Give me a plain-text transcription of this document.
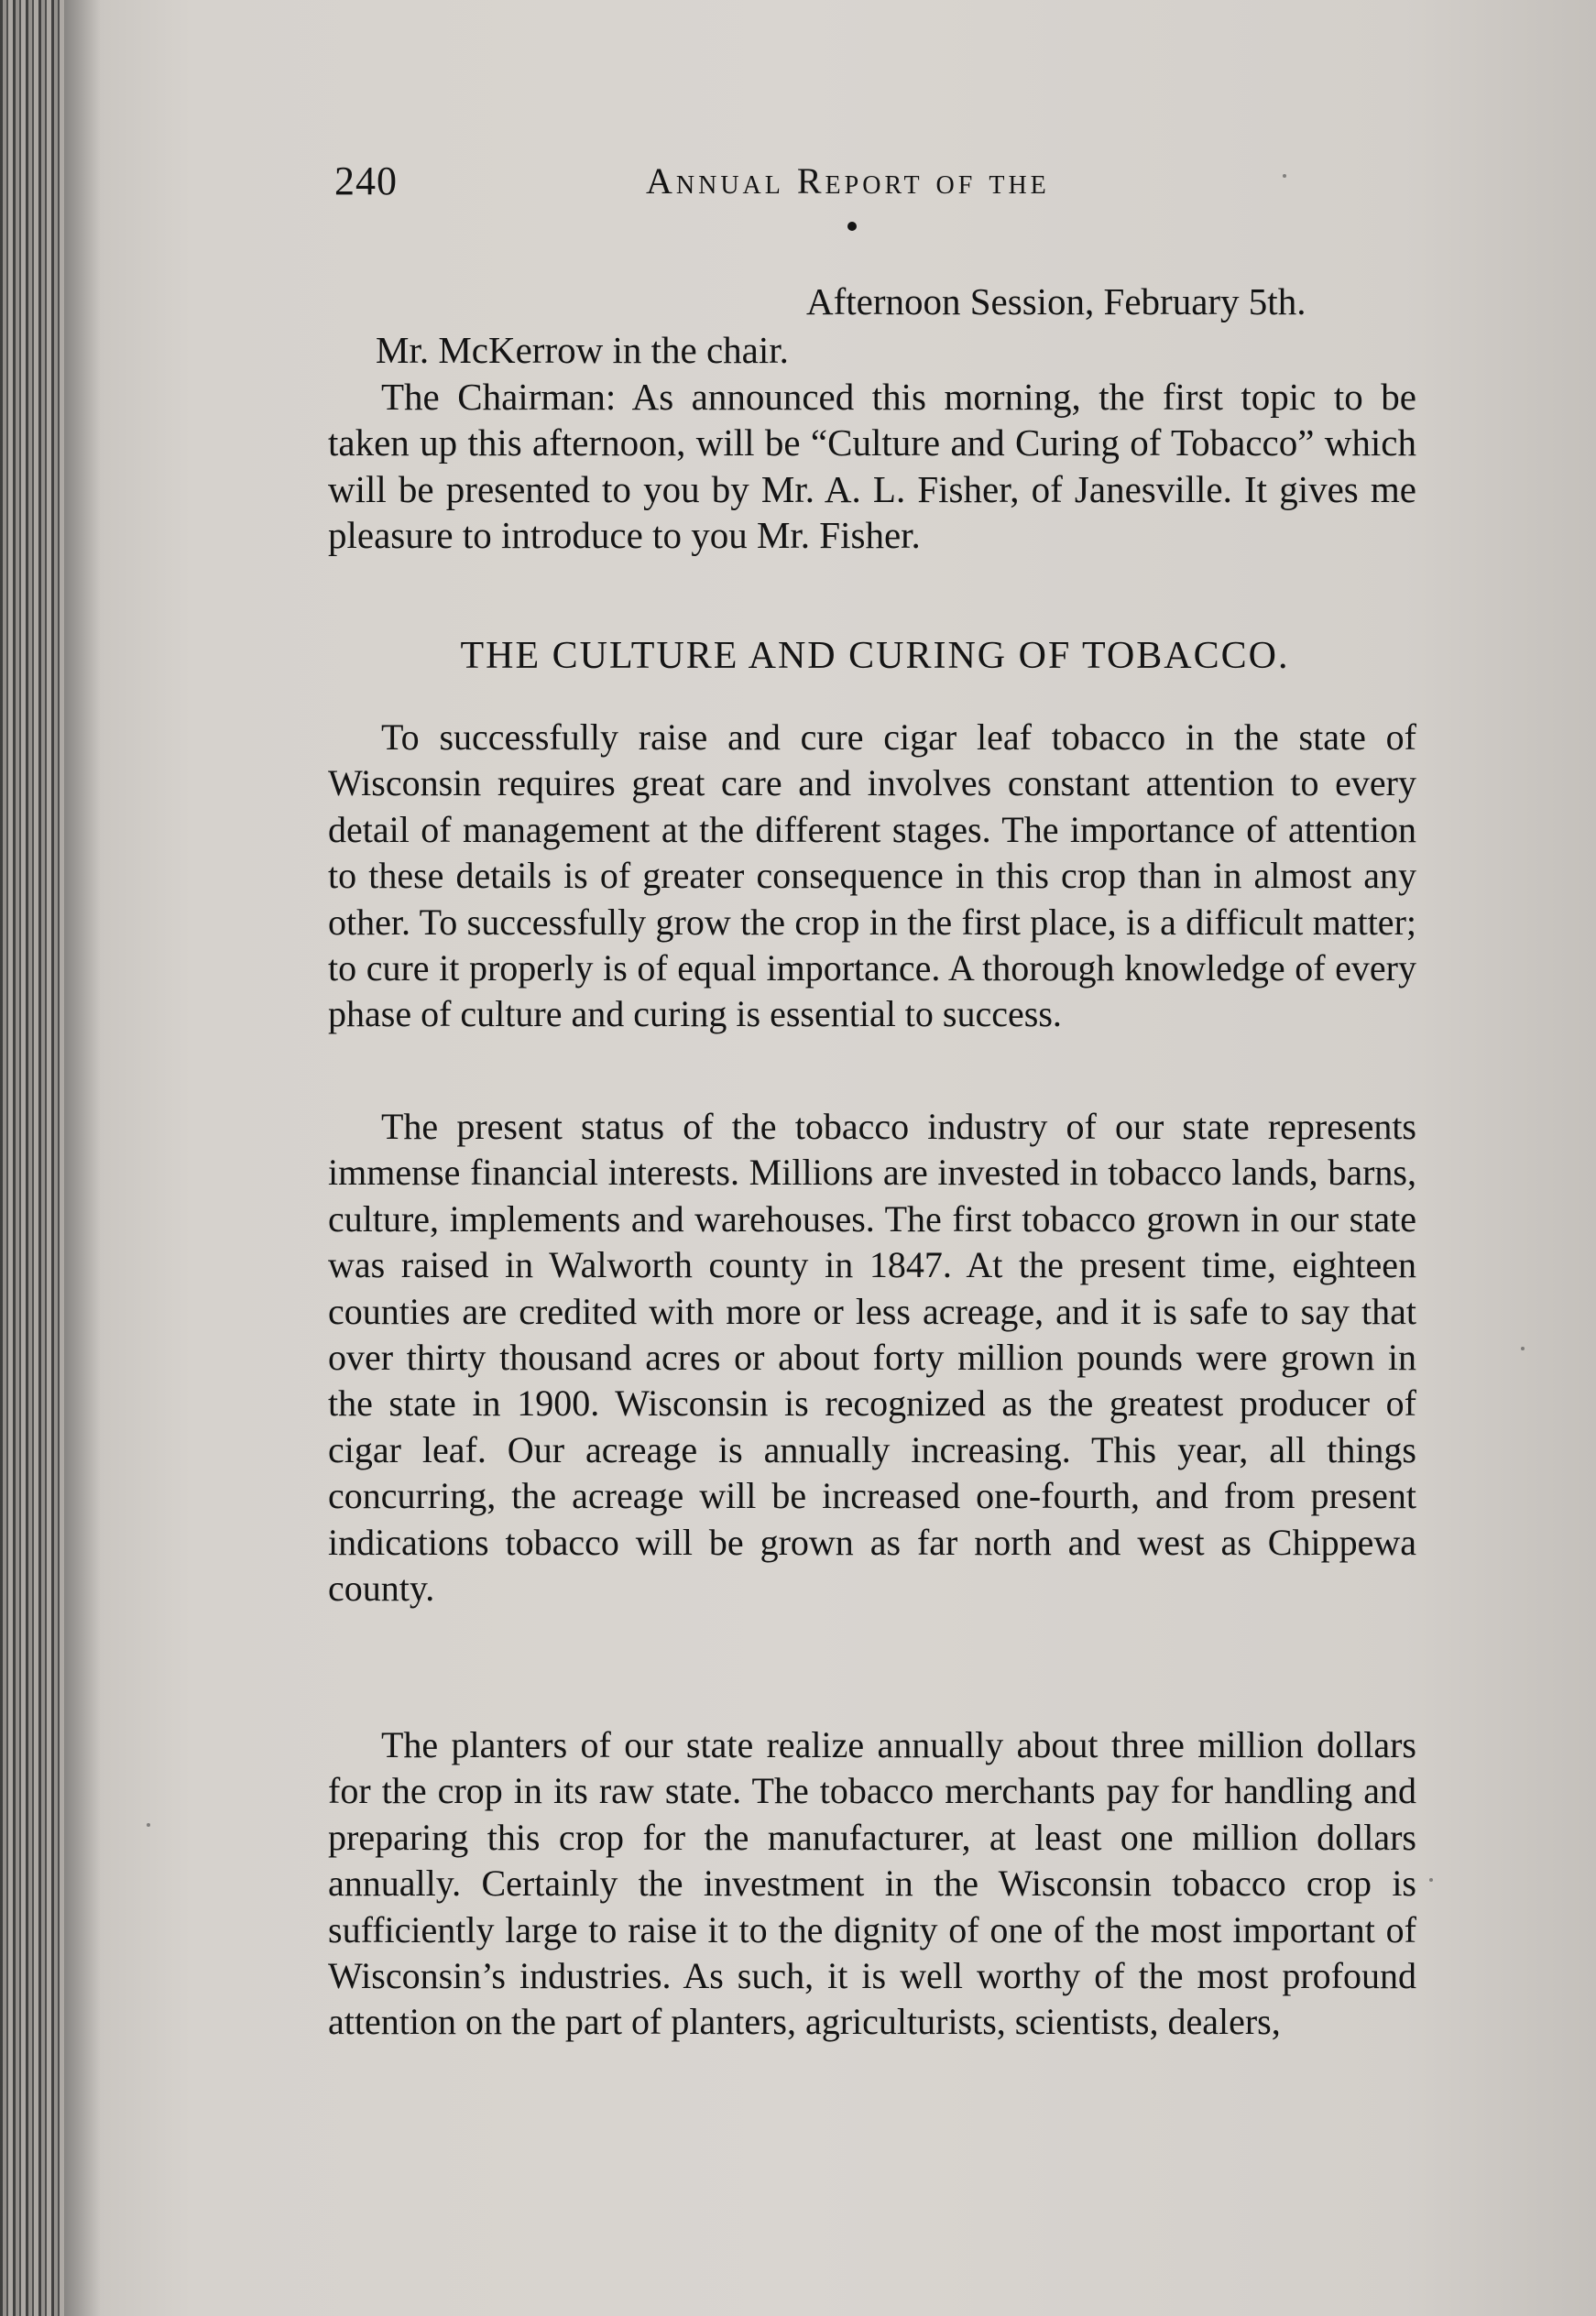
240	Annual Report of the
Afternoon Session, February 5th.
Mr. McKerrow in the chair.

The Chairman: As announced this morning, the first topic to be taken up this afternoon, will be “Culture and Curing of Tobacco” which will be presented to you by Mr. A. L. Fisher, of Janesville. It gives me pleasure to introduce to you Mr. Fisher.

THE CULTURE AND CURING OF TOBACCO.

To successfully raise and cure cigar leaf tobacco in the state of Wisconsin requires great care and involves constant attention to every detail of management at the different stages. The importance of attention to these details is of greater consequence in this crop than in almost any other. To successfully grow the crop in the first place, is a difficult matter; to cure it properly is of equal importance. A thorough knowledge of every phase of culture and curing is essential to success.

The present status of the tobacco industry of our state represents immense financial interests. Millions are invested in tobacco lands, barns, culture, implements and warehouses. The first tobacco grown in our state was raised in Walworth county in 1847. At the present time, eighteen counties are credited with more or less acreage, and it is safe to say that over thirty thousand acres or about forty million pounds were grown in the state in 1900. Wisconsin is recognized as the greatest producer of cigar leaf. Our acreage is annually increasing. This year, all things concurring, the acreage will be increased one-fourth, and from present indications tobacco will be grown as far north and west as Chippewa county.

The planters of our state realize annually about three million dollars for the crop in its raw state. The tobacco merchants pay for handling and preparing this crop for the manufacturer, at least one million dollars annually. Certainly the investment in the Wisconsin tobacco crop is sufficiently large to raise it to the dignity of one of the most important of Wisconsin’s industries. As such, it is well worthy of the most profound attention on the part of planters, agriculturists, scientists, dealers,
